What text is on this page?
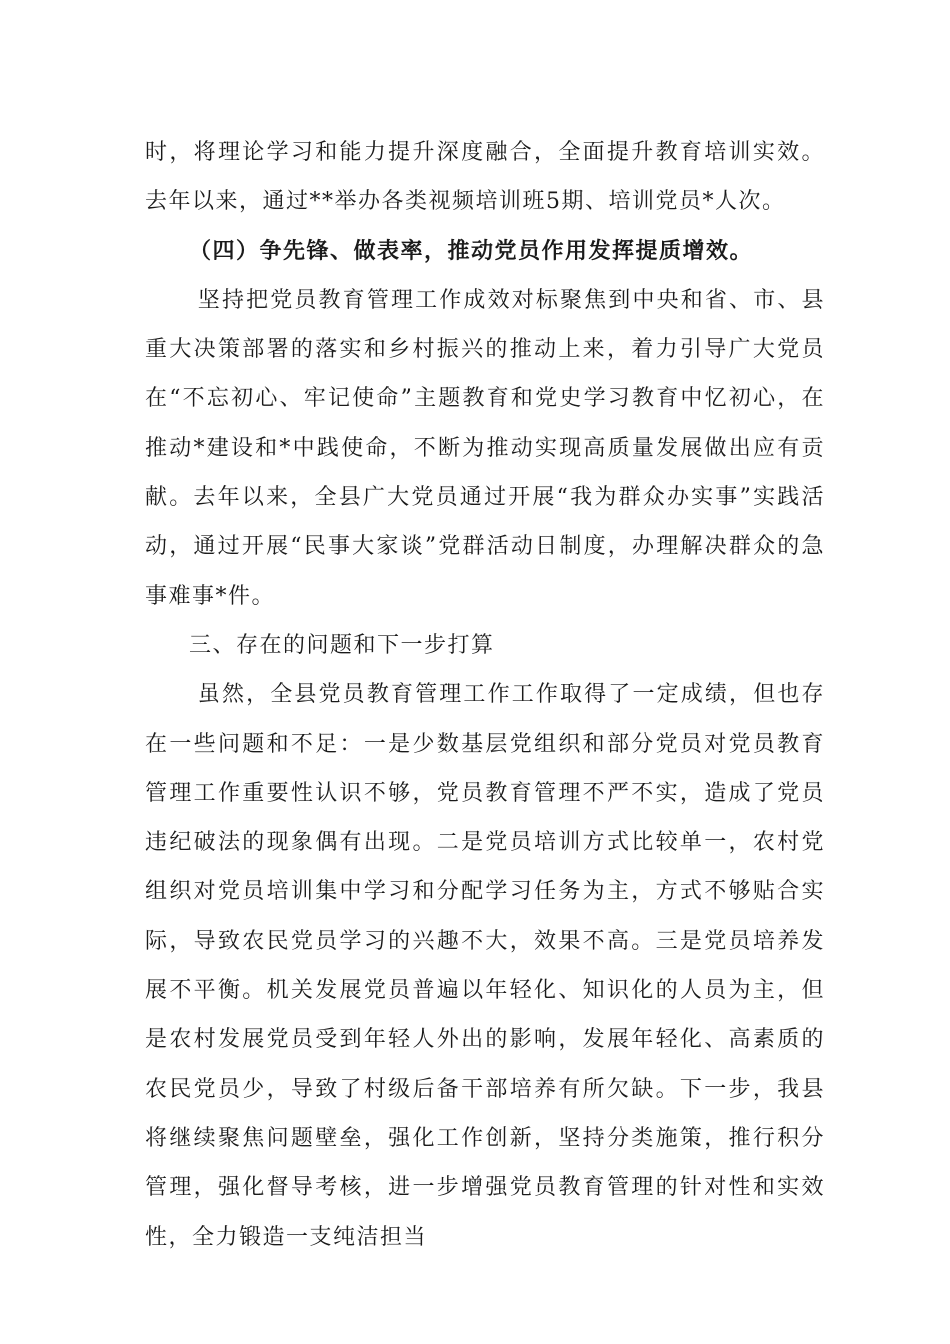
时，将理论学习和能力提升深度融合，全面提升教育培训实效。去年以来，通过**举办各类视频培训班5期、培训党员*人次。

（四）争先锋、做表率，推动党员作用发挥提质增效。

坚持把党员教育管理工作成效对标聚焦到中央和省、市、县重大决策部署的落实和乡村振兴的推动上来，着力引导广大党员在“不忘初心、牢记使命”主题教育和党史学习教育中忆初心，在推动*建设和*中践使命，不断为推动实现高质量发展做出应有贡献。去年以来，全县广大党员通过开展“我为群众办实事”实践活动，通过开展“民事大家谈”党群活动日制度，办理解决群众的急事难事*件。

三、存在的问题和下一步打算

虽然，全县党员教育管理工作工作取得了一定成绩，但也存在一些问题和不足：一是少数基层党组织和部分党员对党员教育管理工作重要性认识不够，党员教育管理不严不实，造成了党员违纪破法的现象偶有出现。二是党员培训方式比较单一，农村党组织对党员培训集中学习和分配学习任务为主，方式不够贴合实际，导致农民党员学习的兴趣不大，效果不高。三是党员培养发展不平衡。机关发展党员普遍以年轻化、知识化的人员为主，但是农村发展党员受到年轻人外出的影响，发展年轻化、高素质的农民党员少，导致了村级后备干部培养有所欠缺。下一步，我县将继续聚焦问题壁垒，强化工作创新，坚持分类施策，推行积分管理，强化督导考核，进一步增强党员教育管理的针对性和实效性，全力锻造一支纯洁担当
